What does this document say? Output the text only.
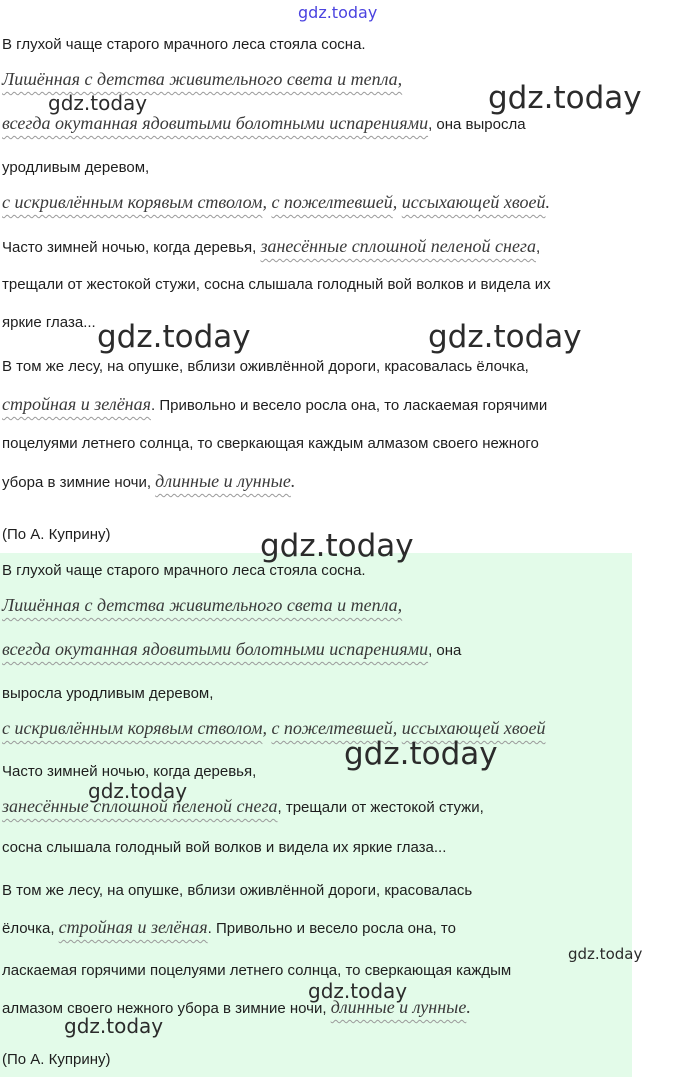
gdz.today
В глухой чаще старого мрачного леса стояла сосна.
Лишённая с детства живительного света и тепла,
всегда окутанная ядовитыми болотными испарениями, она выросла
уродливым деревом,
с искривлённым корявым стволом, с пожелтевшей, иссыхающей хвоей.
Часто зимней ночью, когда деревья, занесённые сплошной пеленой снега,
трещали от жестокой стужи, сосна слышала голодный вой волков и видела их
яркие глаза...
В том же лесу, на опушке, вблизи оживлённой дороги, красовалась ёлочка,
стройная и зелёная. Привольно и весело росла она, то ласкаемая горячими
поцелуями летнего солнца, то сверкающая каждым алмазом своего нежного
убора в зимние ночи, длинные и лунные.
(По А. Куприну)
В глухой чаще старого мрачного леса стояла сосна.
Лишённая с детства живительного света и тепла,
всегда окутанная ядовитыми болотными испарениями, она
выросла уродливым деревом,
с искривлённым корявым стволом, с пожелтевшей, иссыхающей хвоей
Часто зимней ночью, когда деревья,
занесённые сплошной пеленой снега, трещали от жестокой стужи,
сосна слышала голодный вой волков и видела их яркие глаза...
В том же лесу, на опушке, вблизи оживлённой дороги, красовалась
ёлочка, стройная и зелёная. Привольно и весело росла она, то
ласкаемая горячими поцелуями летнего солнца, то сверкающая каждым
алмазом своего нежного убора в зимние ночи, длинные и лунные.
(По А. Куприну)
gdz.today	gdz.today
gdz.today	gdz.today
gdz.today
gdz.today
gdz.today
gdz.today
gdz.today
gdz.today
